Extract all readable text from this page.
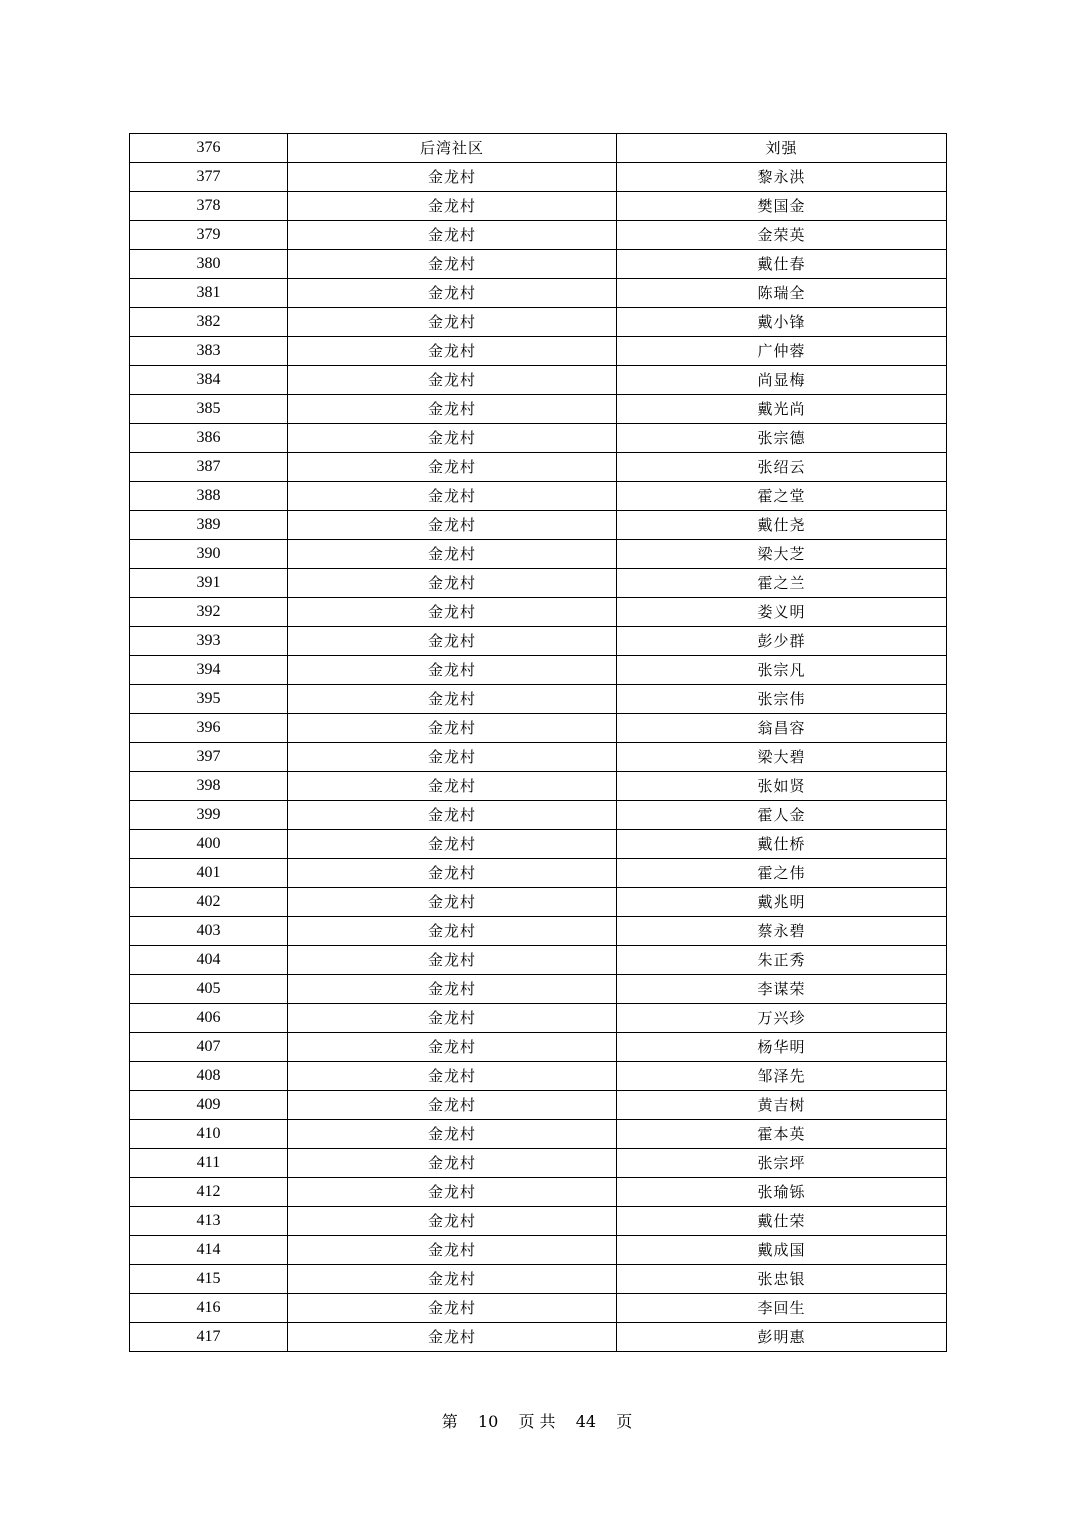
376	后湾社区	刘强
377	金龙村	黎永洪
378	金龙村	樊国金
379	金龙村	金荣英
380	金龙村	戴仕春
381	金龙村	陈瑞全
382	金龙村	戴小锋
383	金龙村	广仲蓉
384	金龙村	尚显梅
385	金龙村	戴光尚
386	金龙村	张宗德
387	金龙村	张绍云
388	金龙村	霍之堂
389	金龙村	戴仕尧
390	金龙村	梁大芝
391	金龙村	霍之兰
392	金龙村	娄义明
393	金龙村	彭少群
394	金龙村	张宗凡
395	金龙村	张宗伟
396	金龙村	翁昌容
397	金龙村	梁大碧
398	金龙村	张如贤
399	金龙村	霍人金
400	金龙村	戴仕桥
401	金龙村	霍之伟
402	金龙村	戴兆明
403	金龙村	蔡永碧
404	金龙村	朱正秀
405	金龙村	李谋荣
406	金龙村	万兴珍
407	金龙村	杨华明
408	金龙村	邹泽先
409	金龙村	黄吉树
410	金龙村	霍本英
411	金龙村	张宗坪
412	金龙村	张瑜铄
413	金龙村	戴仕荣
414	金龙村	戴成国
415	金龙村	张忠银
416	金龙村	李回生
417	金龙村	彭明惠
第 10 页 共 44 页
